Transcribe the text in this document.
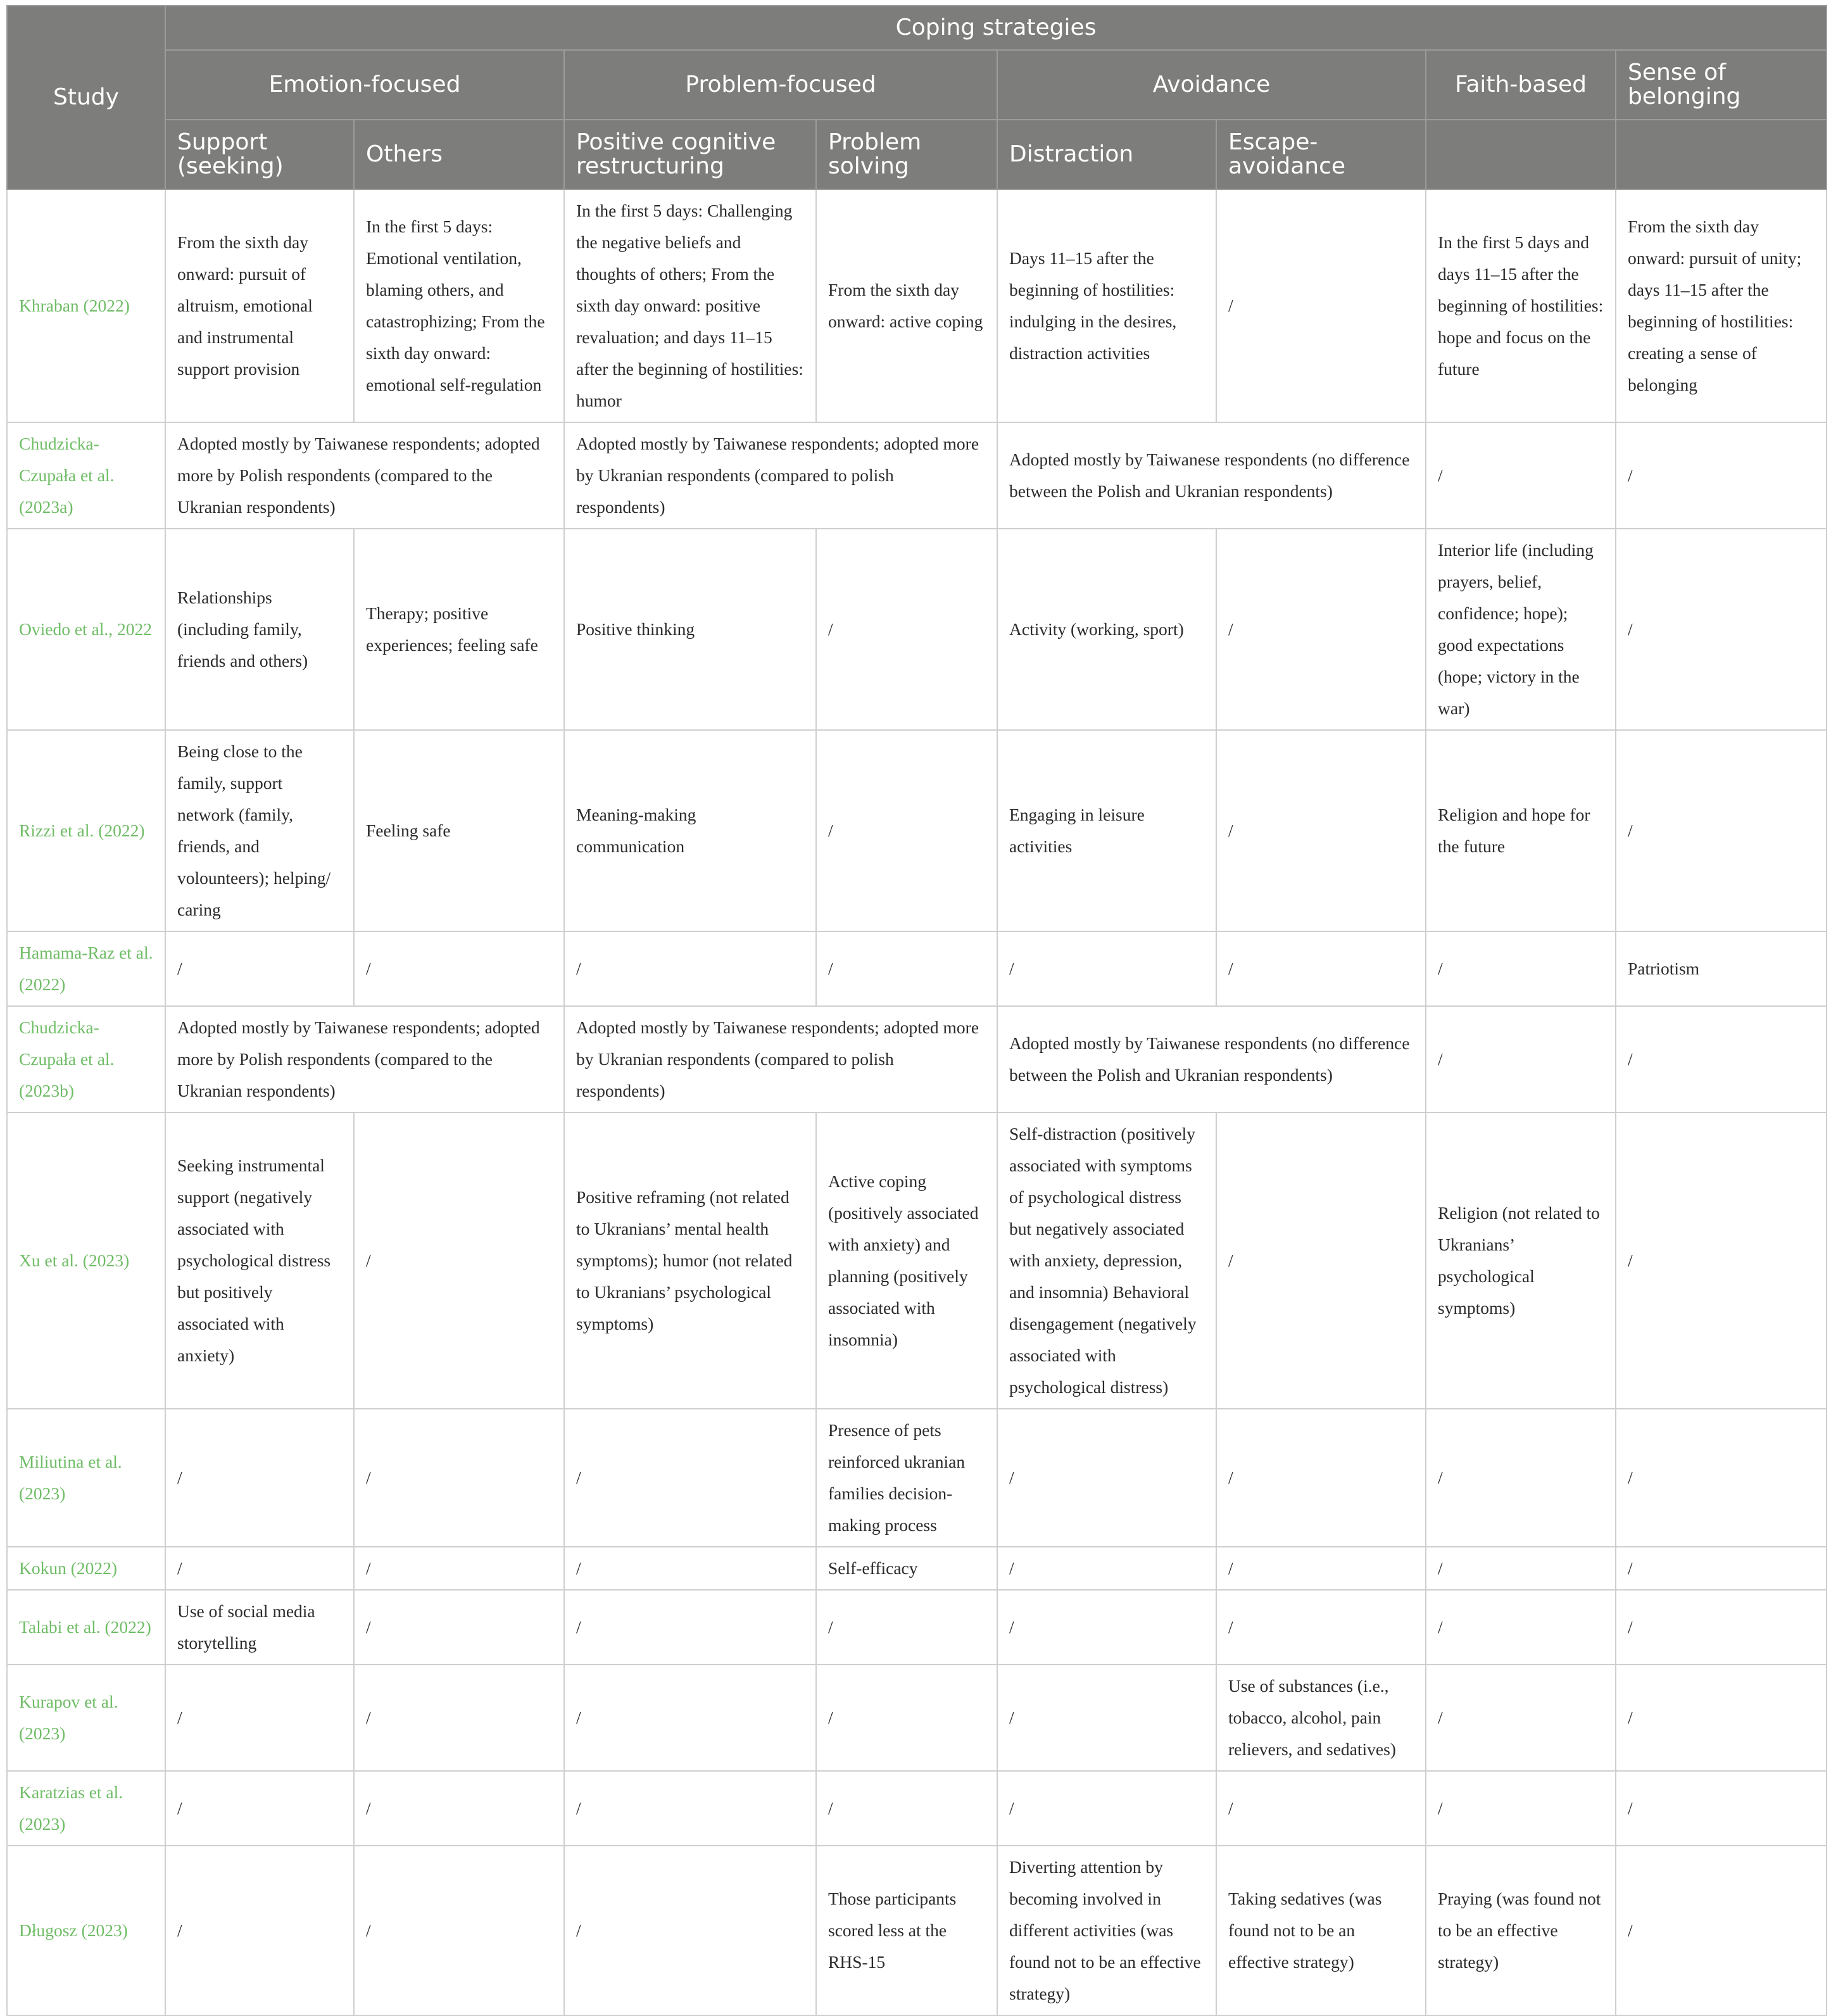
Study	Coping strategies							
	Emotion-focused		Problem-focused		Avoidance		Faith-based	Sense of belonging
	Support (seeking)	Others	Positive cognitive restructuring	Problem solving	Distraction	Escape-avoidance		
Khraban (2022)	From the sixth day onward: pursuit of altruism, emotional and instrumental support provision	In the first 5 days: Emotional ventilation, blaming others, and catastrophizing; From the sixth day onward: emotional self-regulation	In the first 5 days: Challenging the negative beliefs and thoughts of others; From the sixth day onward: positive revaluation; and days 11–15 after the beginning of hostilities: humor	From the sixth day onward: active coping	Days 11–15 after the beginning of hostilities: indulging in the desires, distraction activities	/	In the first 5 days and days 11–15 after the beginning of hostilities: hope and focus on the future	From the sixth day onward: pursuit of unity; days 11–15 after the beginning of hostilities: creating a sense of belonging
Chudzicka-Czupała et al. (2023a)	Adopted mostly by Taiwanese respondents; adopted more by Polish respondents (compared to the Ukranian respondents)		Adopted mostly by Taiwanese respondents; adopted more by Ukranian respondents (compared to polish respondents)		Adopted mostly by Taiwanese respondents (no difference between the Polish and Ukranian respondents)		/	/
Oviedo et al., 2022	Relationships (including family, friends and others)	Therapy; positive experiences; feeling safe	Positive thinking	/	Activity (working, sport)	/	Interior life (including prayers, belief, confidence; hope); good expectations (hope; victory in the war)	/
Rizzi et al. (2022)	Being close to the family, support network (family, friends, and volounteers); helping/ caring	Feeling safe	Meaning-making communication	/	Engaging in leisure activities	/	Religion and hope for the future	/
Hamama-Raz et al. (2022)	/	/	/	/	/	/	/	Patriotism
Chudzicka-Czupała et al. (2023b)	Adopted mostly by Taiwanese respondents; adopted more by Polish respondents (compared to the Ukranian respondents)		Adopted mostly by Taiwanese respondents; adopted more by Ukranian respondents (compared to polish respondents)		Adopted mostly by Taiwanese respondents (no difference between the Polish and Ukranian respondents)		/	/
Xu et al. (2023)	Seeking instrumental support (negatively associated with psychological distress but positively associated with anxiety)	/	Positive reframing (not related to Ukranians’ mental health symptoms); humor (not related to Ukranians’ psychological symptoms)	Active coping (positively associated with anxiety) and planning (positively associated with insomnia)	Self-distraction (positively associated with symptoms of psychological distress but negatively associated with anxiety, depression, and insomnia) Behavioral disengagement (negatively associated with psychological distress)	/	Religion (not related to Ukranians’ psychological symptoms)	/
Miliutina et al. (2023)	/	/	/	Presence of pets reinforced ukranian families decision-making process	/	/	/	/
Kokun (2022)	/	/	/	Self-efficacy	/	/	/	/
Talabi et al. (2022)	Use of social media storytelling	/	/	/	/	/	/	/
Kurapov et al. (2023)	/	/	/	/	/	Use of substances (i.e., tobacco, alcohol, pain relievers, and sedatives)	/	/
Karatzias et al. (2023)	/	/	/	/	/	/	/	/
Długosz (2023)	/	/	/	Those participants scored less at the RHS-15	Diverting attention by becoming involved in different activities (was found not to be an effective strategy)	Taking sedatives (was found not to be an effective strategy)	Praying (was found not to be an effective strategy)	/
